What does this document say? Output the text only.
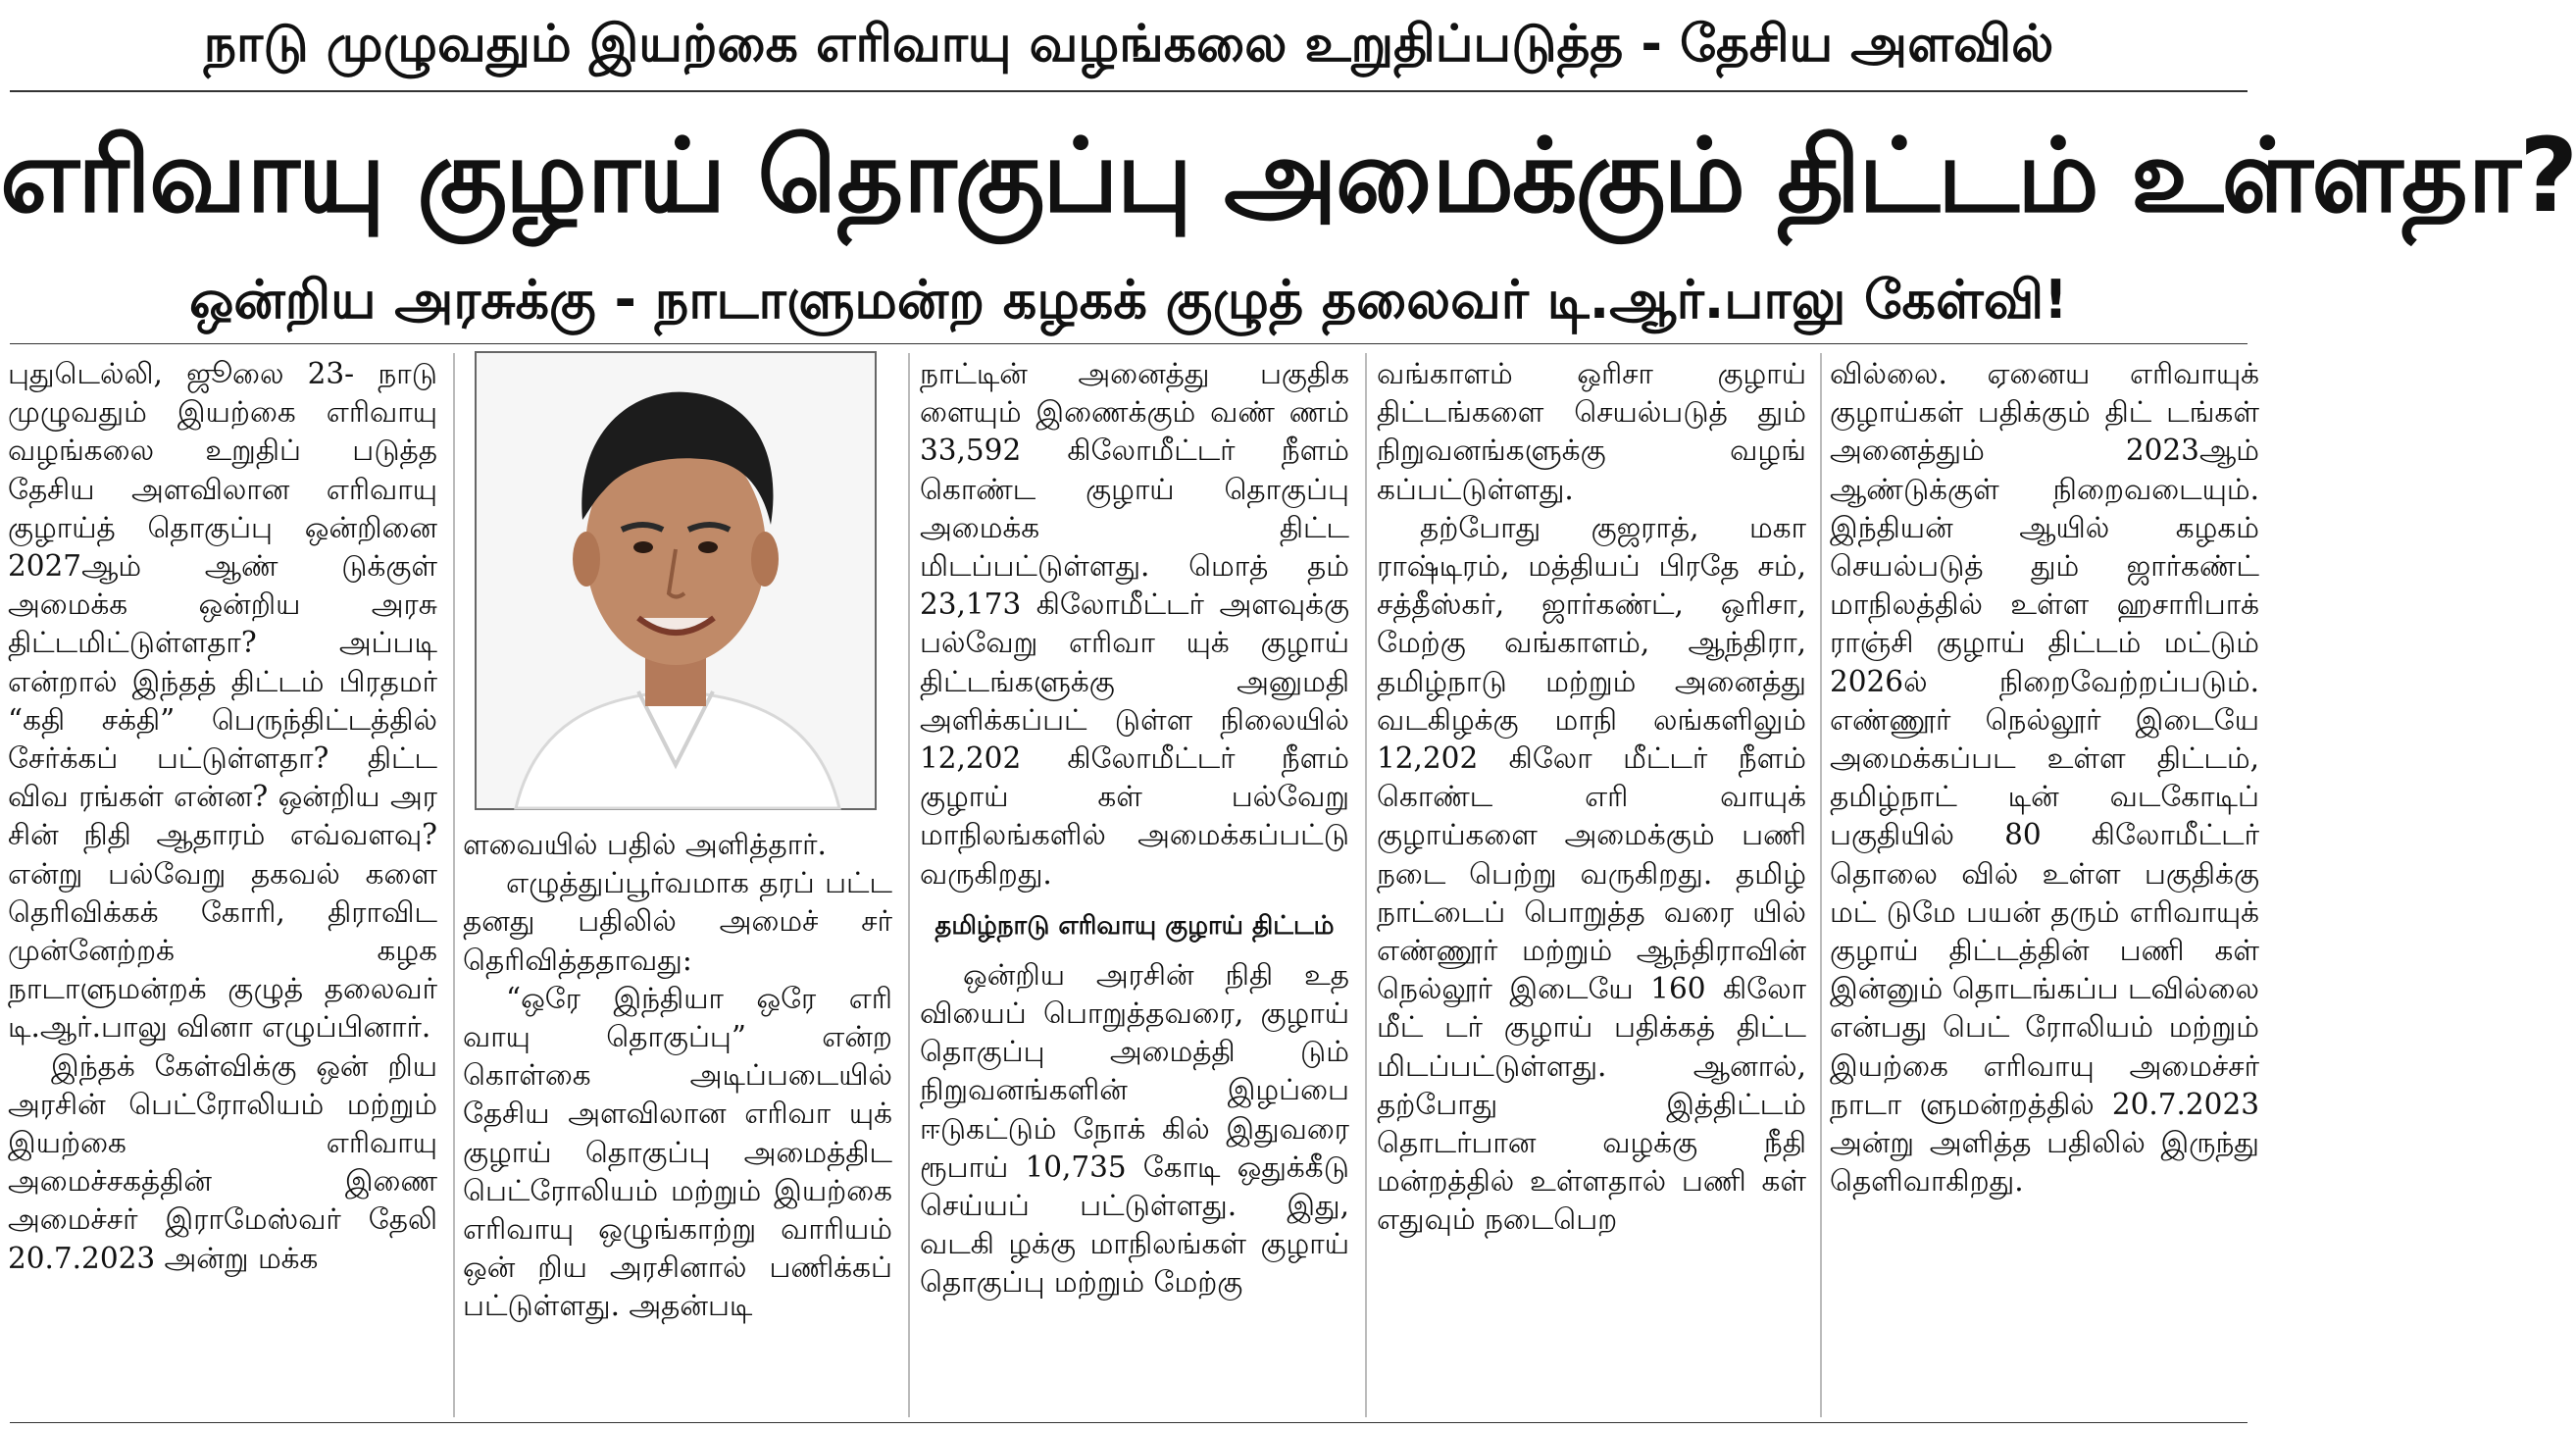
நாடு முழுவதும் இயற்கை எரிவாயு வழங்கலை உறுதிப்படுத்த - தேசிய அளவில்
எரிவாயு குழாய் தொகுப்பு அமைக்கும் திட்டம் உள்ளதா?
ஒன்றிய அரசுக்கு - நாடாளுமன்ற கழகக் குழுத் தலைவர் டி.ஆர்.பாலு கேள்வி!

புதுடெல்லி, ஜூலை 23- நாடு முழுவதும் இயற்கை எரிவாயு வழங்கலை உறுதிப் படுத்த தேசிய அளவிலான எரிவாயு குழாய்த் தொகுப்பு ஒன்றினை 2027ஆம் ஆண் டுக்குள் அமைக்க ஒன்றிய அரசு திட்டமிட்டுள்ளதா? அப்படி என்றால் இந்தத் திட்டம் பிரதமர் “கதி சக்தி” பெருந்திட்டத்தில் சேர்க்கப் பட்டுள்ளதா? திட்ட விவ ரங்கள் என்ன? ஒன்றிய அர சின் நிதி ஆதாரம் எவ்வளவு? என்று பல்வேறு தகவல் களை தெரிவிக்கக் கோரி, திராவிட முன்னேற்றக் கழக நாடாளுமன்றக் குழுத் தலைவர் டி.ஆர்.பாலு வினா எழுப்பினார்.

இந்தக் கேள்விக்கு ஒன் றிய அரசின் பெட்ரோலியம் மற்றும் இயற்கை எரிவாயு அமைச்சகத்தின் இணை அமைச்சர் இராமேஸ்வர் தேலி 20.7.2023 அன்று மக்க

ளவையில் பதில் அளித்தார்.

எழுத்துப்பூர்வமாக தரப் பட்ட தனது பதிலில் அமைச் சர் தெரிவித்ததாவது:

“ஒரே இந்தியா ஒரே எரி வாயு தொகுப்பு” என்ற கொள்கை அடிப்படையில் தேசிய அளவிலான எரிவா யுக் குழாய் தொகுப்பு அமைத்திட பெட்ரோலியம் மற்றும் இயற்கை எரிவாயு ஒழுங்காற்று வாரியம் ஒன் றிய அரசினால் பணிக்கப் பட்டுள்ளது. அதன்படி

நாட்டின் அனைத்து பகுதிக ளையும் இணைக்கும் வண் ணம் 33,592 கிலோமீட்டர் நீளம் கொண்ட குழாய் தொகுப்பு அமைக்க திட்ட மிடப்பட்டுள்ளது. மொத் தம் 23,173 கிலோமீட்டர் அளவுக்கு பல்வேறு எரிவா யுக் குழாய் திட்டங்களுக்கு அனுமதி அளிக்கப்பட் டுள்ள நிலையில் 12,202 கிலோமீட்டர் நீளம் குழாய் கள் பல்வேறு மாநிலங்களில் அமைக்கப்பட்டு வருகிறது.

தமிழ்நாடு எரிவாயு குழாய் திட்டம்

ஒன்றிய அரசின் நிதி உத வியைப் பொறுத்தவரை, குழாய் தொகுப்பு அமைத்தி டும் நிறுவனங்களின் இழப்பை ஈடுகட்டும் நோக் கில் இதுவரை ரூபாய் 10,735 கோடி ஒதுக்கீடு செய்யப் பட்டுள்ளது. இது, வடகி ழக்கு மாநிலங்கள் குழாய் தொகுப்பு மற்றும் மேற்கு

வங்காளம் ஒரிசா குழாய் திட்டங்களை செயல்படுத் தும் நிறுவனங்களுக்கு வழங் கப்பட்டுள்ளது.

தற்போது குஜராத், மகா ராஷ்டிரம், மத்தியப் பிரதே சம், சத்தீஸ்கர், ஜார்கண்ட், ஒரிசா, மேற்கு வங்காளம், ஆந்திரா, தமிழ்நாடு மற்றும் அனைத்து வடகிழக்கு மாநி லங்களிலும் 12,202 கிலோ மீட்டர் நீளம் கொண்ட எரி வாயுக் குழாய்களை அமைக்கும் பணி நடை பெற்று வருகிறது. தமிழ் நாட்டைப் பொறுத்த வரை யில் எண்ணூர் மற்றும் ஆந்திராவின் நெல்லூர் இடையே 160 கிலோ மீட் டர் குழாய் பதிக்கத் திட்ட மிடப்பட்டுள்ளது. ஆனால், தற்போது இத்திட்டம் தொடர்பான வழக்கு நீதி மன்றத்தில் உள்ளதால் பணி கள் எதுவும் நடைபெற

வில்லை. ஏனைய எரிவாயுக் குழாய்கள் பதிக்கும் திட் டங்கள் அனைத்தும் 2023ஆம் ஆண்டுக்குள் நிறைவடையும். இந்தியன் ஆயில் கழகம் செயல்படுத் தும் ஜார்கண்ட் மாநிலத்தில் உள்ள ஹசாரிபாக் ராஞ்சி குழாய் திட்டம் மட்டும் 2026ல் நிறைவேற்றப்படும். எண்ணூர் நெல்லூர் இடையே அமைக்கப்பட உள்ள திட்டம், தமிழ்நாட் டின் வடகோடிப் பகுதியில் 80 கிலோமீட்டர் தொலை வில் உள்ள பகுதிக்கு மட் டுமே பயன் தரும் எரிவாயுக் குழாய் திட்டத்தின் பணி கள் இன்னும் தொடங்கப்ப டவில்லை என்பது பெட் ரோலியம் மற்றும் இயற்கை எரிவாயு அமைச்சர் நாடா ளுமன்றத்தில் 20.7.2023 அன்று அளித்த பதிலில் இருந்து தெளிவாகிறது.
